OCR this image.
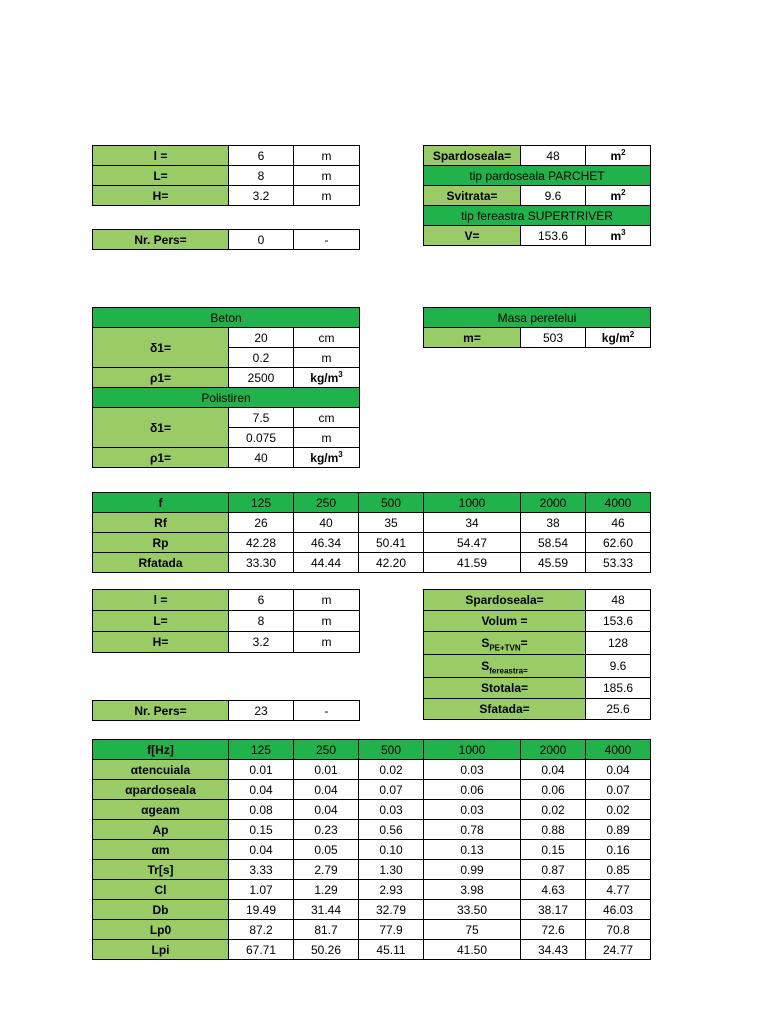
l =	6	m
L=	8	m
H=	3.2	m
Nr. Pers=	0	-
Spardoseala=	48	$m^2$
tip pardoseala PARCHET		
Svitrata=	9.6	$m^2$
tip fereastra SUPERTRIVER		
V=	153.6	$m^3$
Beton		
δ1=	20	cm
	0.2	m
ρ1=	2500	$kg/m^3$
Polistiren		
δ1=	7.5	cm
	0.075	m
ρ1=	40	$kg/m^3$
Masa peretelui
m=	503	$kg/m^2$
f	125	250	500	1000	2000	4000
Rf	26	40	35	34	38	46
Rp	42.28	46.34	50.41	54.47	58.54	62.60
Rfatada	33.30	44.44	42.20	41.59	45.59	53.33
l =	6	m
L=	8	m
H=	3.2	m
Nr. Pers=	23	-
Spardoseala=	48
Volum =	153.6
$S_{PE+TVN}=$	128
$S_{fereastra=}$	9.6
Stotala=	185.6
Sfatada=	25.6
f[Hz]	125	250	500	1000	2000	4000
αtencuiala	0.01	0.01	0.02	0.03	0.04	0.04
αpardoseala	0.04	0.04	0.07	0.06	0.06	0.07
αgeam	0.08	0.04	0.03	0.03	0.02	0.02
Ap	0.15	0.23	0.56	0.78	0.88	0.89
αm	0.04	0.05	0.10	0.13	0.15	0.16
Tr[s]	3.33	2.79	1.30	0.99	0.87	0.85
Cl	1.07	1.29	2.93	3.98	4.63	4.77
Db	19.49	31.44	32.79	33.50	38.17	46.03
Lp0	87.2	81.7	77.9	75	72.6	70.8
Lpi	67.71	50.26	45.11	41.50	34.43	24.77
